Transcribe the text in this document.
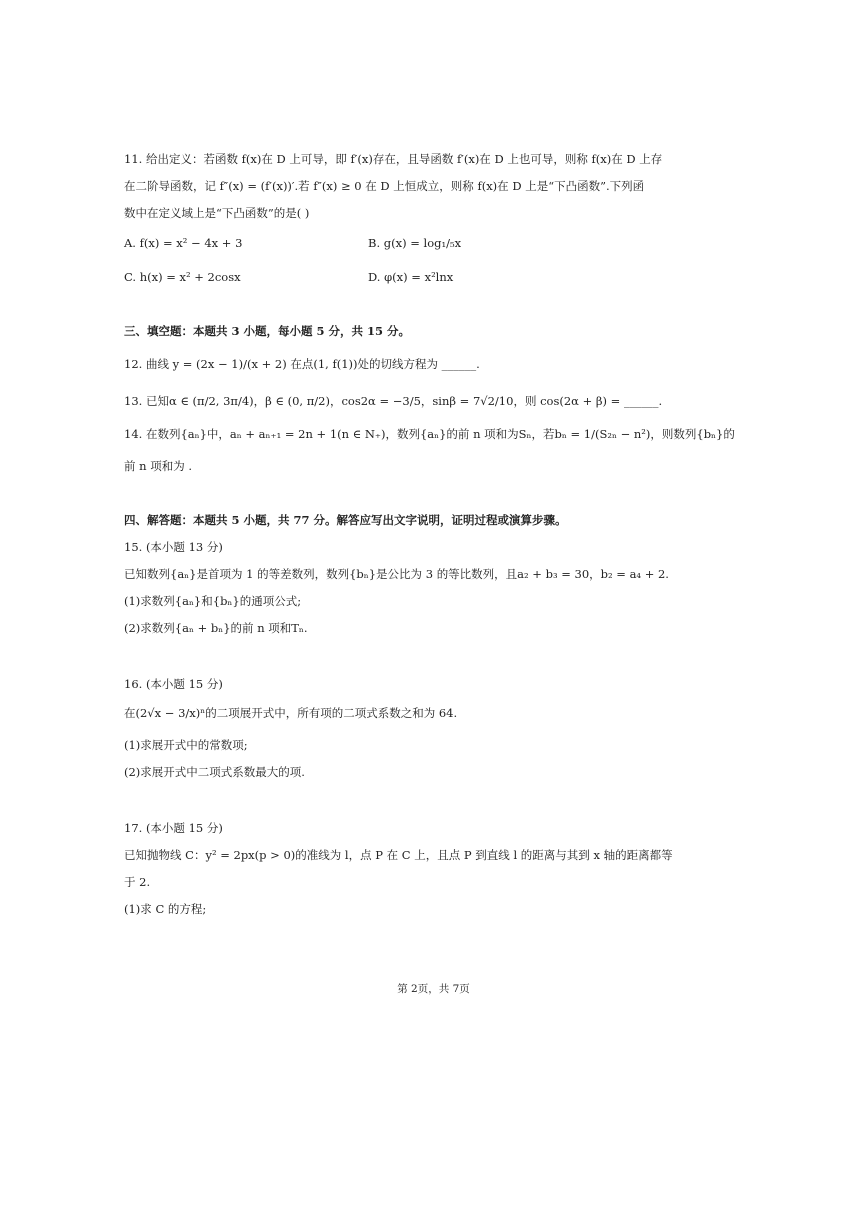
11. 给出定义：若函数 f(x)在 D 上可导，即 f′(x)存在，且导函数 f′(x)在 D 上也可导，则称 f(x)在 D 上存
在二阶导函数，记 f″(x) = (f′(x))′.若 f″(x) ≥ 0 在 D 上恒成立，则称 f(x)在 D 上是“下凸函数”.下列函
数中在定义域上是“下凸函数”的是( )
A. f(x) = x² − 4x + 3	B. g(x) = log₁/₅x
C. h(x) = x² + 2cosx	D. φ(x) = x²lnx
三、填空题：本题共 3 小题，每小题 5 分，共 15 分。
12. 曲线 y = (2x − 1)/(x + 2) 在点(1, f(1))处的切线方程为 ______.
13. 已知α ∈ (π/2, 3π/4)，β ∈ (0, π/2)，cos2α = −3/5，sinβ = 7√2/10，则 cos(2α + β) = ______.
14. 在数列{aₙ}中，aₙ + aₙ₊₁ = 2n + 1(n ∈ N₊)，数列{aₙ}的前 n 项和为Sₙ，若bₙ = 1/(S₂ₙ − n²)，则数列{bₙ}的
前 n 项和为 .
四、解答题：本题共 5 小题，共 77 分。解答应写出文字说明，证明过程或演算步骤。
15. (本小题 13 分)
已知数列{aₙ}是首项为 1 的等差数列，数列{bₙ}是公比为 3 的等比数列，且a₂ + b₃ = 30，b₂ = a₄ + 2.
(1)求数列{aₙ}和{bₙ}的通项公式;
(2)求数列{aₙ + bₙ}的前 n 项和Tₙ.
16. (本小题 15 分)
在(2√x − 3/x)ⁿ的二项展开式中，所有项的二项式系数之和为 64.
(1)求展开式中的常数项;
(2)求展开式中二项式系数最大的项.
17. (本小题 15 分)
已知抛物线 C：y² = 2px(p > 0)的准线为 l，点 P 在 C 上，且点 P 到直线 l 的距离与其到 x 轴的距离都等
于 2.
(1)求 C 的方程;
第 2页，共 7页
